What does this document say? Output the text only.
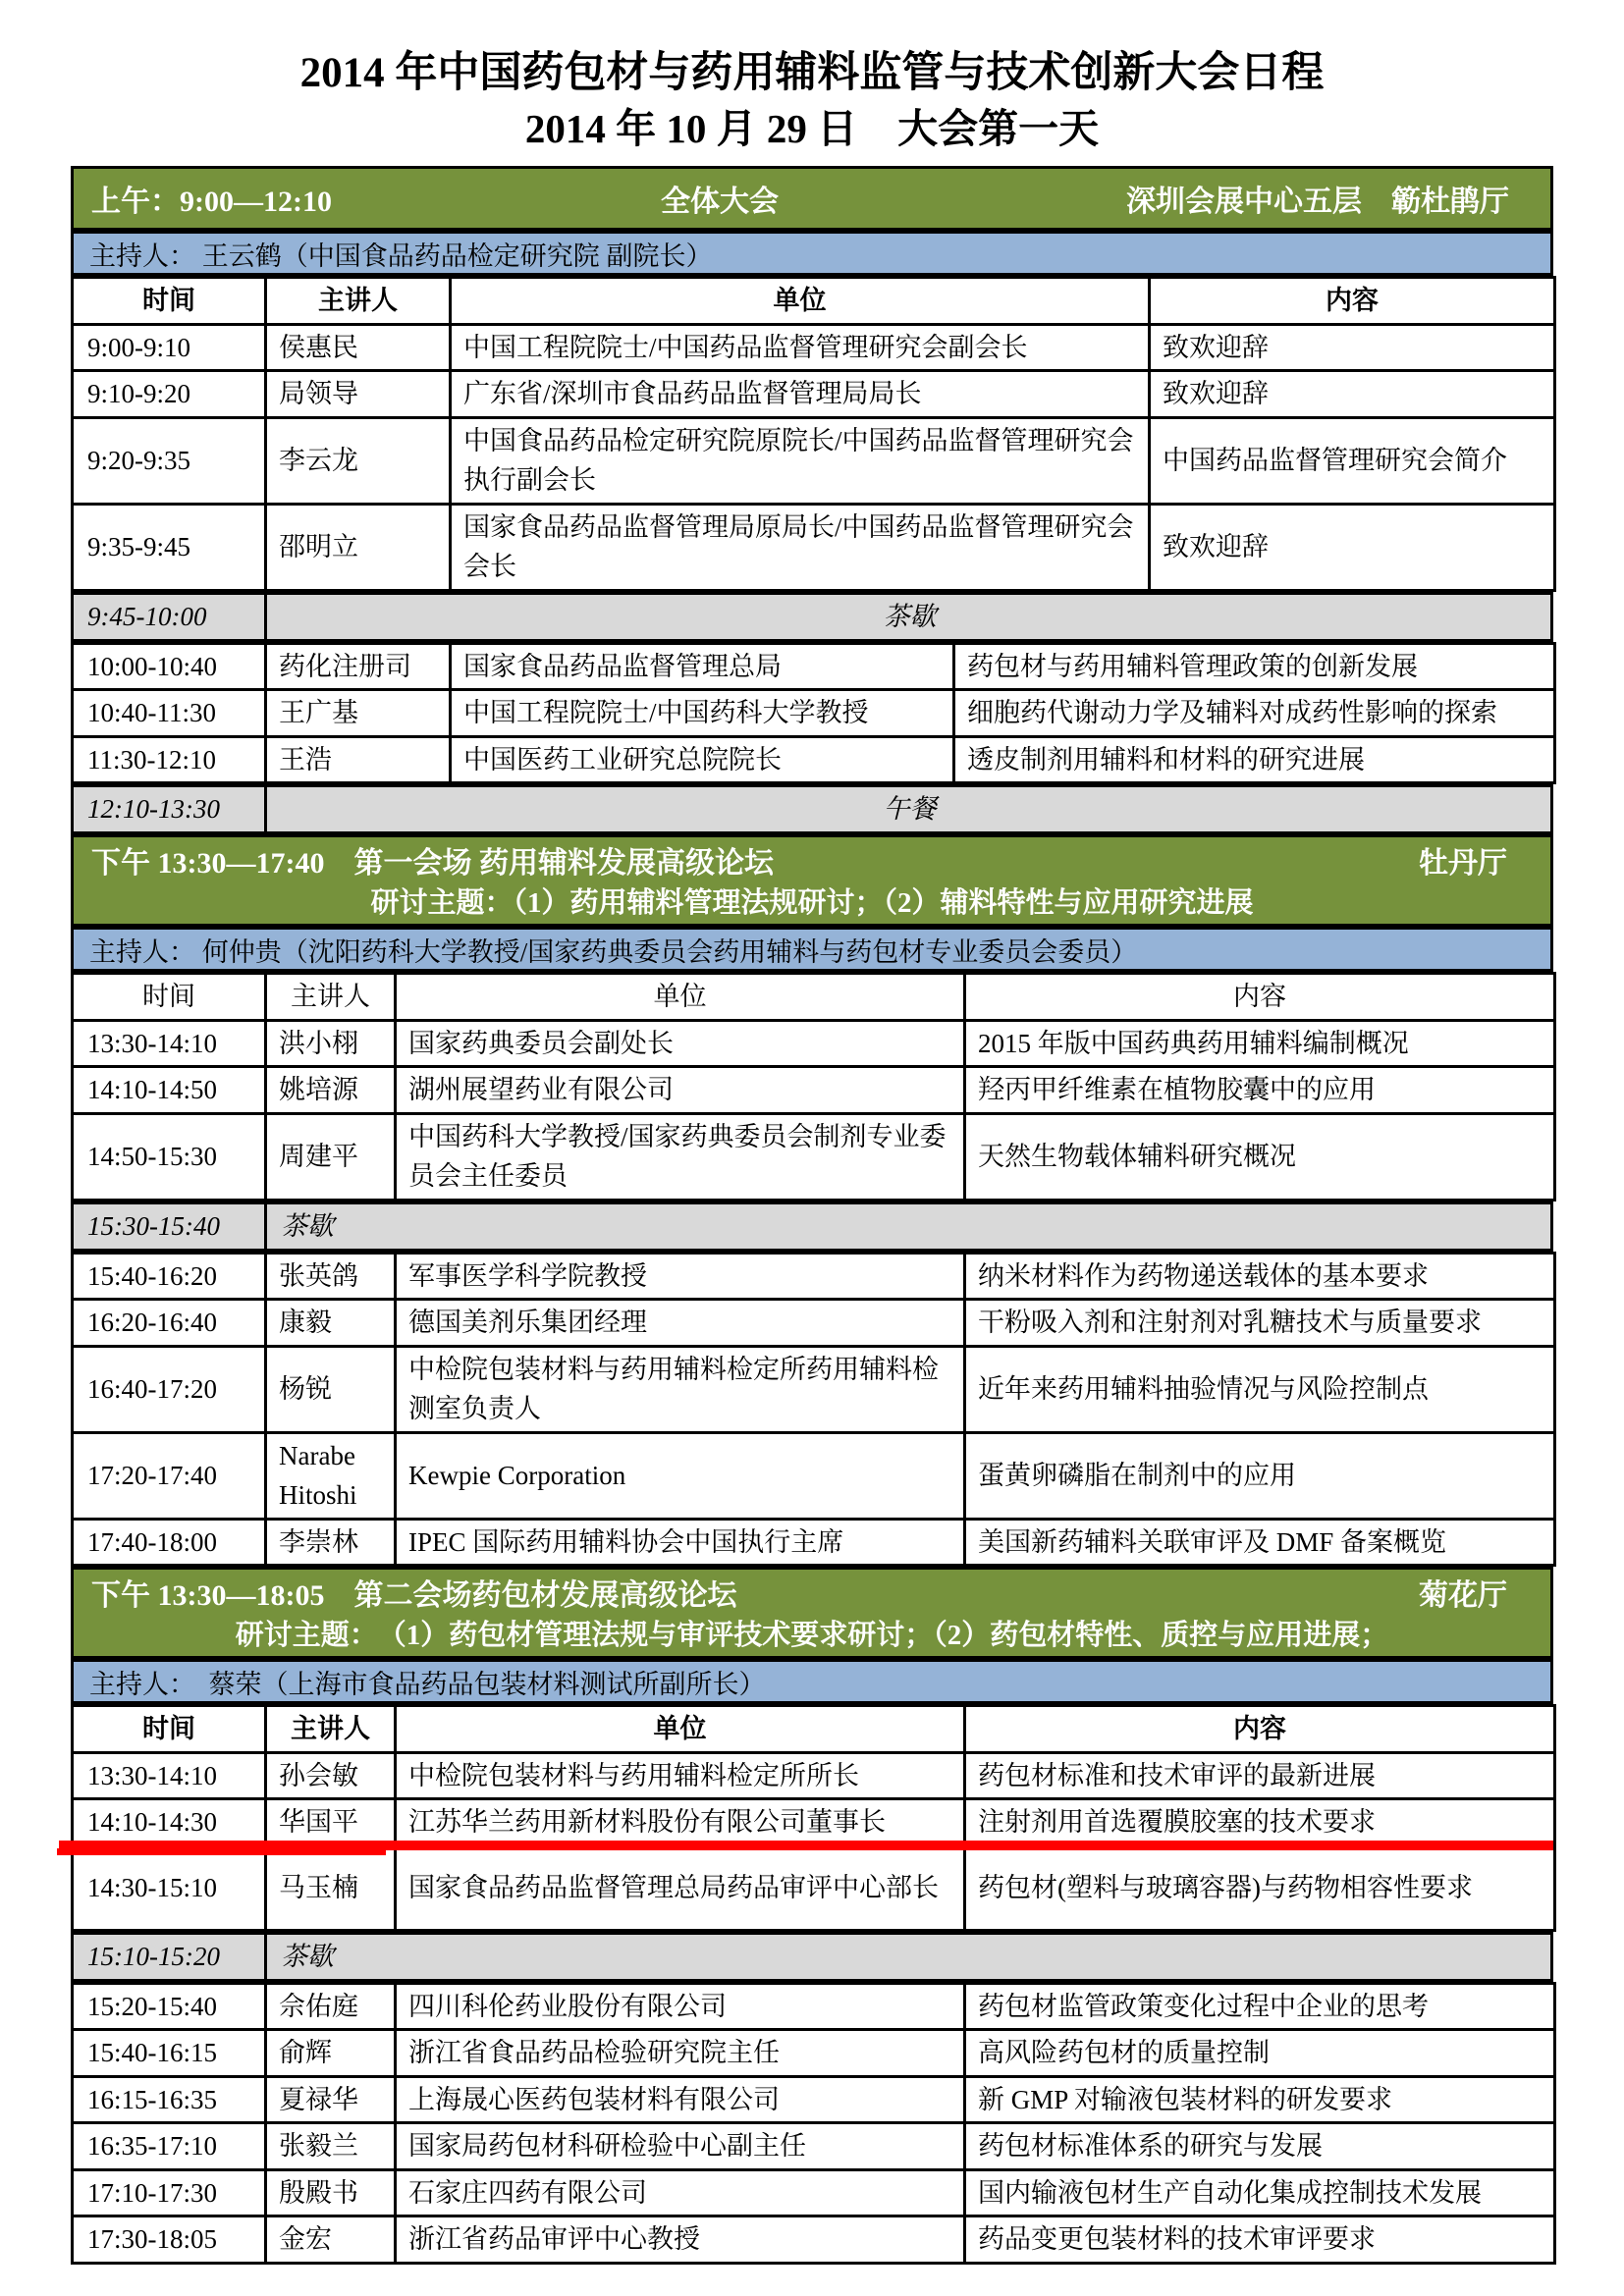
2014 年中国药包材与药用辅料监管与技术创新大会日程
2014 年 10 月 29 日　大会第一天
上午：9:00—12:10	全体大会	深圳会展中心五层　簕杜鹃厅
主持人： 王云鹤（中国食品药品检定研究院 副院长）
时间	主讲人	单位	内容
9:00-9:10	侯惠民	中国工程院院士/中国药品监督管理研究会副会长	致欢迎辞
9:10-9:20	局领导	广东省/深圳市食品药品监督管理局局长	致欢迎辞
9:20-9:35	李云龙	中国食品药品检定研究院原院长/中国药品监督管理研究会执行副会长	中国药品监督管理研究会简介
9:35-9:45	邵明立	国家食品药品监督管理局原局长/中国药品监督管理研究会会长	致欢迎辞
9:45-10:00	茶歇
10:00-10:40	药化注册司	国家食品药品监督管理总局	药包材与药用辅料管理政策的创新发展
10:40-11:30	王广基	中国工程院院士/中国药科大学教授	细胞药代谢动力学及辅料对成药性影响的探索
11:30-12:10	王浩	中国医药工业研究总院院长	透皮制剂用辅料和材料的研究进展
12:10-13:30	午餐
下午 13:30—17:40　第一会场 药用辅料发展高级论坛	牡丹厅
研讨主题：（1）药用辅料管理法规研讨；（2）辅料特性与应用研究进展
主持人： 何仲贵（沈阳药科大学教授/国家药典委员会药用辅料与药包材专业委员会委员）
时间	主讲人	单位	内容
13:30-14:10	洪小栩	国家药典委员会副处长	2015 年版中国药典药用辅料编制概况
14:10-14:50	姚培源	湖州展望药业有限公司	羟丙甲纤维素在植物胶囊中的应用
14:50-15:30	周建平	中国药科大学教授/国家药典委员会制剂专业委员会主任委员	天然生物载体辅料研究概况
15:30-15:40	茶歇
15:40-16:20	张英鸽	军事医学科学院教授	纳米材料作为药物递送载体的基本要求
16:20-16:40	康毅	德国美剂乐集团经理	干粉吸入剂和注射剂对乳糖技术与质量要求
16:40-17:20	杨锐	中检院包装材料与药用辅料检定所药用辅料检测室负责人	近年来药用辅料抽验情况与风险控制点
17:20-17:40	Narabe Hitoshi	Kewpie Corporation	蛋黄卵磷脂在制剂中的应用
17:40-18:00	李崇林	IPEC 国际药用辅料协会中国执行主席	美国新药辅料关联审评及 DMF 备案概览
下午 13:30—18:05　第二会场药包材发展高级论坛	菊花厅
研讨主题：　（1）药包材管理法规与审评技术要求研讨；（2）药包材特性、质控与应用进展；
主持人：　蔡荣（上海市食品药品包装材料测试所副所长）
时间	主讲人	单位	内容
13:30-14:10	孙会敏	中检院包装材料与药用辅料检定所所长	药包材标准和技术审评的最新进展
14:10-14:30	华国平	江苏华兰药用新材料股份有限公司董事长	注射剂用首选覆膜胶塞的技术要求
14:30-15:10	马玉楠	国家食品药品监督管理总局药品审评中心部长	药包材(塑料与玻璃容器)与药物相容性要求
15:10-15:20	茶歇
15:20-15:40	佘佑庭	四川科伦药业股份有限公司	药包材监管政策变化过程中企业的思考
15:40-16:15	俞辉	浙江省食品药品检验研究院主任	高风险药包材的质量控制
16:15-16:35	夏禄华	上海晟心医药包装材料有限公司	新 GMP 对输液包装材料的研发要求
16:35-17:10	张毅兰	国家局药包材科研检验中心副主任	药包材标准体系的研究与发展
17:10-17:30	殷殿书	石家庄四药有限公司	国内输液包材生产自动化集成控制技术发展
17:30-18:05	金宏	浙江省药品审评中心教授	药品变更包装材料的技术审评要求
